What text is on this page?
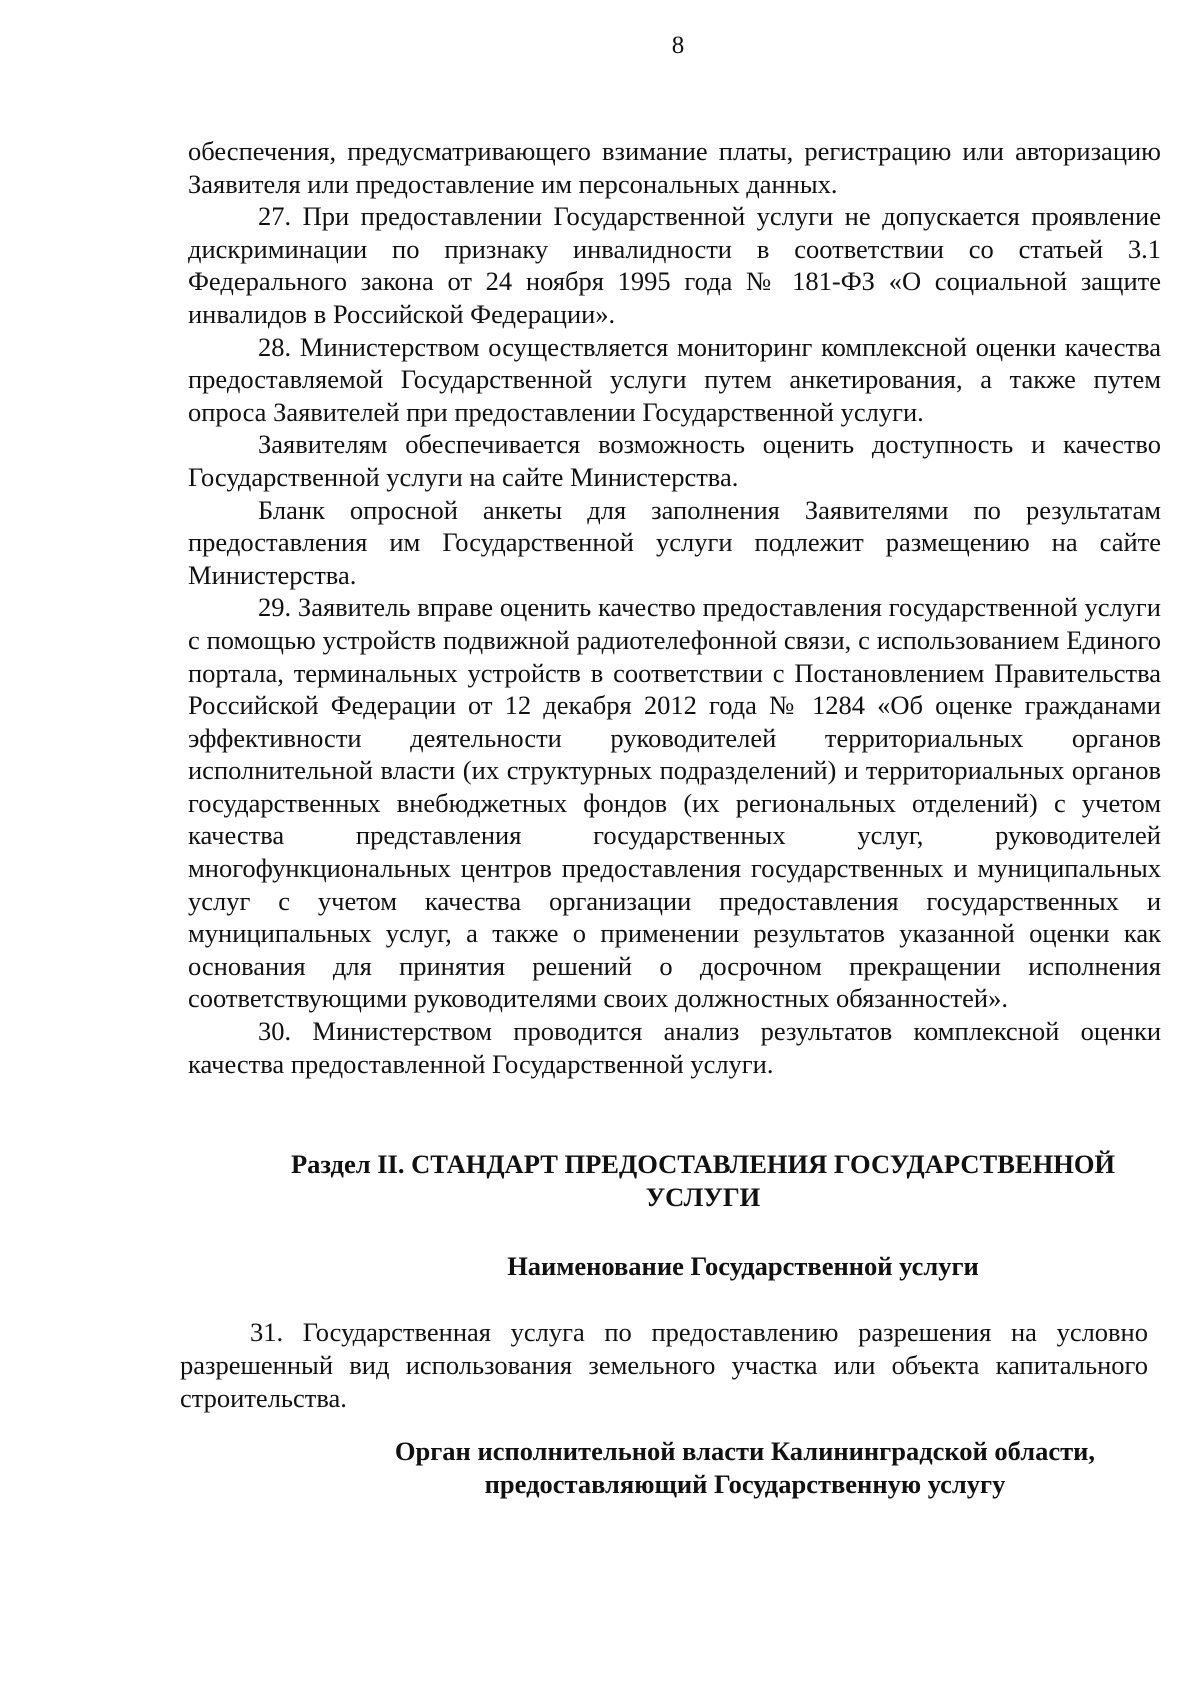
8

обеспечения, предусматривающего взимание платы, регистрацию или авторизацию Заявителя или предоставление им персональных данных.

27. При предоставлении Государственной услуги не допускается проявление дискриминации по признаку инвалидности в соответствии со статьей 3.1 Федерального закона от 24 ноября 1995 года № 181-ФЗ «О социальной защите инвалидов в Российской Федерации».

28. Министерством осуществляется мониторинг комплексной оценки качества предоставляемой Государственной услуги путем анкетирования, а также путем опроса Заявителей при предоставлении Государственной услуги.

Заявителям обеспечивается возможность оценить доступность и качество Государственной услуги на сайте Министерства.

Бланк опросной анкеты для заполнения Заявителями по результатам предоставления им Государственной услуги подлежит размещению на сайте Министерства.

29. Заявитель вправе оценить качество предоставления государственной услуги с помощью устройств подвижной радиотелефонной связи, с использованием Единого портала, терминальных устройств в соответствии с Постановлением Правительства Российской Федерации от 12 декабря 2012 года № 1284 «Об оценке гражданами эффективности деятельности руководителей территориальных органов исполнительной власти (их структурных подразделений) и территориальных органов государственных внебюджетных фондов (их региональных отделений) с учетом качества представления государственных услуг, руководителей многофункциональных центров предоставления государственных и муниципальных услуг с учетом качества организации предоставления государственных и муниципальных услуг, а также о применении результатов указанной оценки как основания для принятия решений о досрочном прекращении исполнения соответствующими руководителями своих должностных обязанностей».

30. Министерством проводится анализ результатов комплексной оценки качества предоставленной Государственной услуги.

Раздел II. СТАНДАРТ ПРЕДОСТАВЛЕНИЯ ГОСУДАРСТВЕННОЙ УСЛУГИ
Наименование Государственной услуги

31. Государственная услуга по предоставлению разрешения на условно разрешенный вид использования земельного участка или объекта капитального строительства.

Орган исполнительной власти Калининградской области, предоставляющий Государственную услугу
